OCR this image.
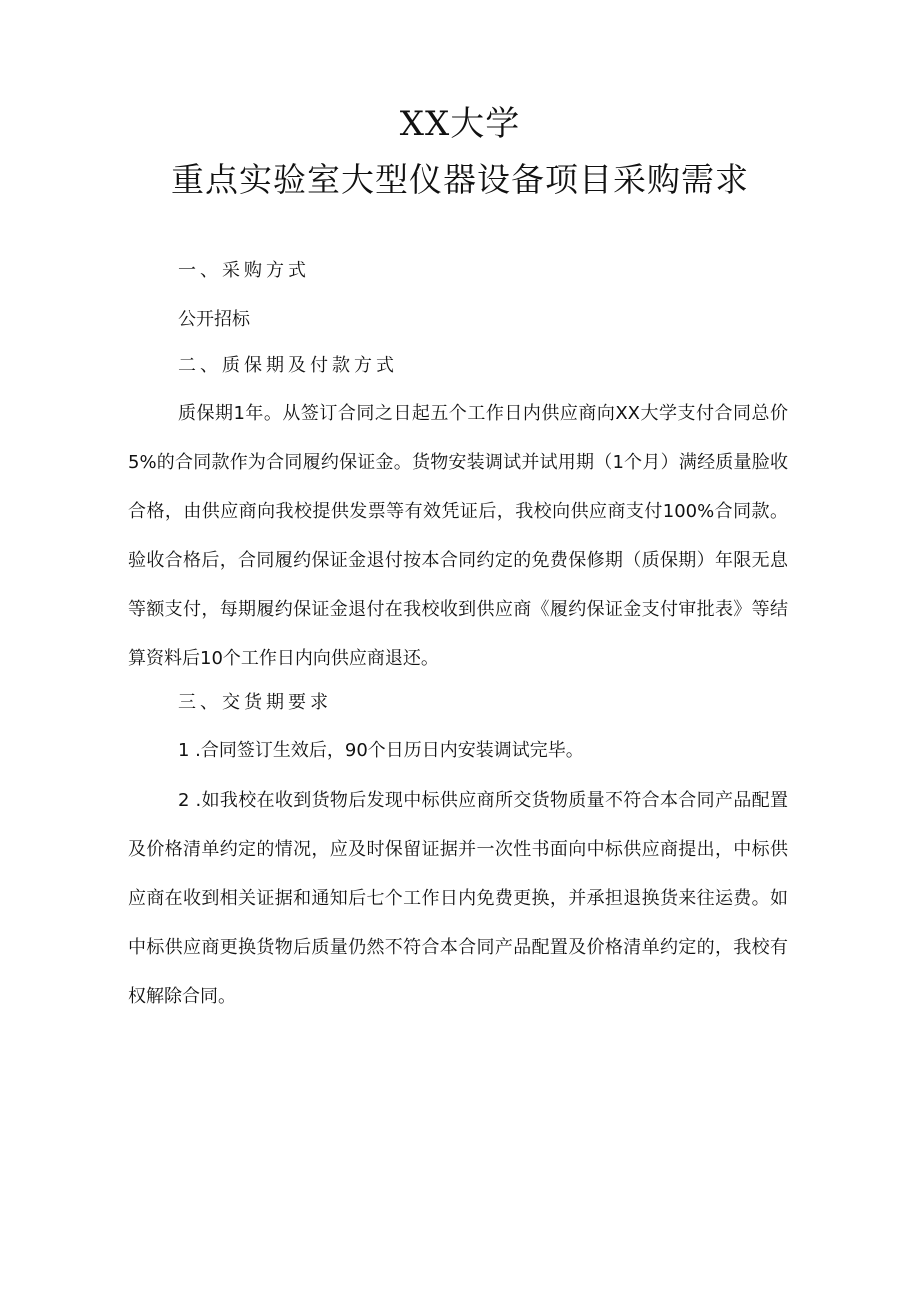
XX大学
重点实验室大型仪器设备项目采购需求
一、采购方式
公开招标
二、质保期及付款方式
质保期1年。从签订合同之日起五个工作日内供应商向XX大学支付合同总价5%的合同款作为合同履约保证金。货物安装调试并试用期（1个月）满经质量脸收合格，由供应商向我校提供发票等有效凭证后，我校向供应商支付100%合同款。验收合格后，合同履约保证金退付按本合同约定的免费保修期（质保期）年限无息等额支付，每期履约保证金退付在我校收到供应商《履约保证金支付审批表》等结算资料后10个工作日内向供应商退还。
三、交货期要求
1 .合同签订生效后，90个日历日内安装调试完毕。
2 .如我校在收到货物后发现中标供应商所交货物质量不符合本合同产品配置及价格清单约定的情况，应及时保留证据并一次性书面向中标供应商提出，中标供应商在收到相关证据和通知后七个工作日内免费更换，并承担退换货来往运费。如中标供应商更换货物后质量仍然不符合本合同产品配置及价格清单约定的，我校有权解除合同。
